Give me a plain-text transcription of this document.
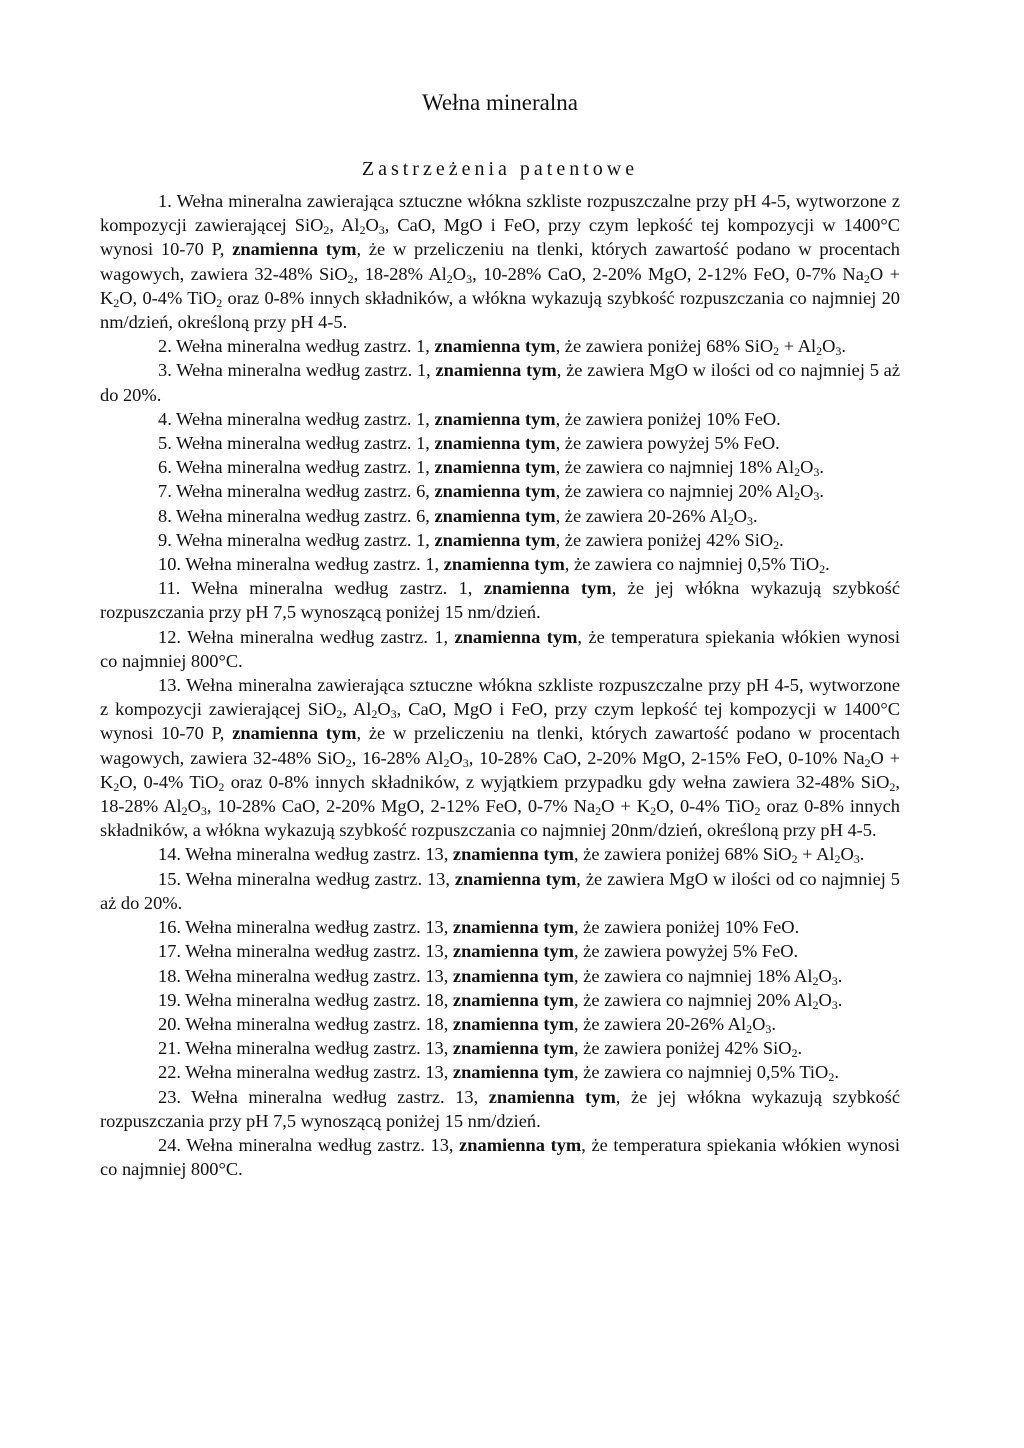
Wełna mineralna
Zastrzeżenia patentowe

1. Wełna mineralna zawierająca sztuczne włókna szkliste rozpuszczalne przy pH 4-5, wytworzone z kompozycji zawierającej SiO$_2$, $Al_2O_3$, CaO, MgO i FeO, przy czym lepkość tej kompozycji w 1400°C wynosi 10-70 P, znamienna tym, że w przeliczeniu na tlenki, których zawartość podano w procentach wagowych, zawiera 32-48% SiO$_2$, 18-28% $Al_2O_3$, 10-28% CaO, 2-20% MgO, 2-12% FeO, 0-7% $Na_2O + K_2O$, 0-4% TiO$_2$ oraz 0-8% innych składników, a włókna wykazują szybkość rozpuszczania co najmniej 20 nm/dzień, określoną przy pH 4-5.

2. Wełna mineralna według zastrz. 1, znamienna tym, że zawiera poniżej 68% $SiO_2 + Al_2O_3$.

3. Wełna mineralna według zastrz. 1, znamienna tym, że zawiera MgO w ilości od co najmniej 5 aż do 20%.

4. Wełna mineralna według zastrz. 1, znamienna tym, że zawiera poniżej 10% FeO.

5. Wełna mineralna według zastrz. 1, znamienna tym, że zawiera powyżej 5% FeO.

6. Wełna mineralna według zastrz. 1, znamienna tym, że zawiera co najmniej 18% $Al_2O_3$.

7. Wełna mineralna według zastrz. 6, znamienna tym, że zawiera co najmniej 20% $Al_2O_3$.

8. Wełna mineralna według zastrz. 6, znamienna tym, że zawiera 20-26% $Al_2O_3$.

9. Wełna mineralna według zastrz. 1, znamienna tym, że zawiera poniżej 42% SiO$_2$.

10. Wełna mineralna według zastrz. 1, znamienna tym, że zawiera co najmniej 0,5% TiO$_2$.

11. Wełna mineralna według zastrz. 1, znamienna tym, że jej włókna wykazują szybkość rozpuszczania przy pH 7,5 wynoszącą poniżej 15 nm/dzień.

12. Wełna mineralna według zastrz. 1, znamienna tym, że temperatura spiekania włókien wynosi co najmniej 800°C.

13. Wełna mineralna zawierająca sztuczne włókna szkliste rozpuszczalne przy pH 4-5, wytworzone z kompozycji zawierającej SiO$_2$, $Al_2O_3$, CaO, MgO i FeO, przy czym lepkość tej kompozycji w 1400°C wynosi 10-70 P, znamienna tym, że w przeliczeniu na tlenki, których zawartość podano w procentach wagowych, zawiera 32-48% SiO$_2$, 16-28% $Al_2O_3$, 10-28% CaO, 2-20% MgO, 2-15% FeO, 0-10% $Na_2O + K_2O$, 0-4% TiO$_2$ oraz 0-8% innych składników, z wyjątkiem przypadku gdy wełna zawiera 32-48% SiO$_2$, 18-28% $Al_2O_3$, 10-28% CaO, 2-20% MgO, 2-12% FeO, 0-7% $Na_2O + K_2O$, 0-4% TiO$_2$ oraz 0-8% innych składników, a włókna wykazują szybkość rozpuszczania co najmniej 20nm/dzień, określoną przy pH 4-5.

14. Wełna mineralna według zastrz. 13, znamienna tym, że zawiera poniżej 68% $SiO_2 + Al_2O_3$.

15. Wełna mineralna według zastrz. 13, znamienna tym, że zawiera MgO w ilości od co najmniej 5 aż do 20%.

16. Wełna mineralna według zastrz. 13, znamienna tym, że zawiera poniżej 10% FeO.

17. Wełna mineralna według zastrz. 13, znamienna tym, że zawiera powyżej 5% FeO.

18. Wełna mineralna według zastrz. 13, znamienna tym, że zawiera co najmniej 18% $Al_2O_3$.

19. Wełna mineralna według zastrz. 18, znamienna tym, że zawiera co najmniej 20% $Al_2O_3$.

20. Wełna mineralna według zastrz. 18, znamienna tym, że zawiera 20-26% $Al_2O_3$.

21. Wełna mineralna według zastrz. 13, znamienna tym, że zawiera poniżej 42% SiO$_2$.

22. Wełna mineralna według zastrz. 13, znamienna tym, że zawiera co najmniej 0,5% TiO$_2$.

23. Wełna mineralna według zastrz. 13, znamienna tym, że jej włókna wykazują szybkość rozpuszczania przy pH 7,5 wynoszącą poniżej 15 nm/dzień.

24. Wełna mineralna według zastrz. 13, znamienna tym, że temperatura spiekania włókien wynosi co najmniej 800°C.
